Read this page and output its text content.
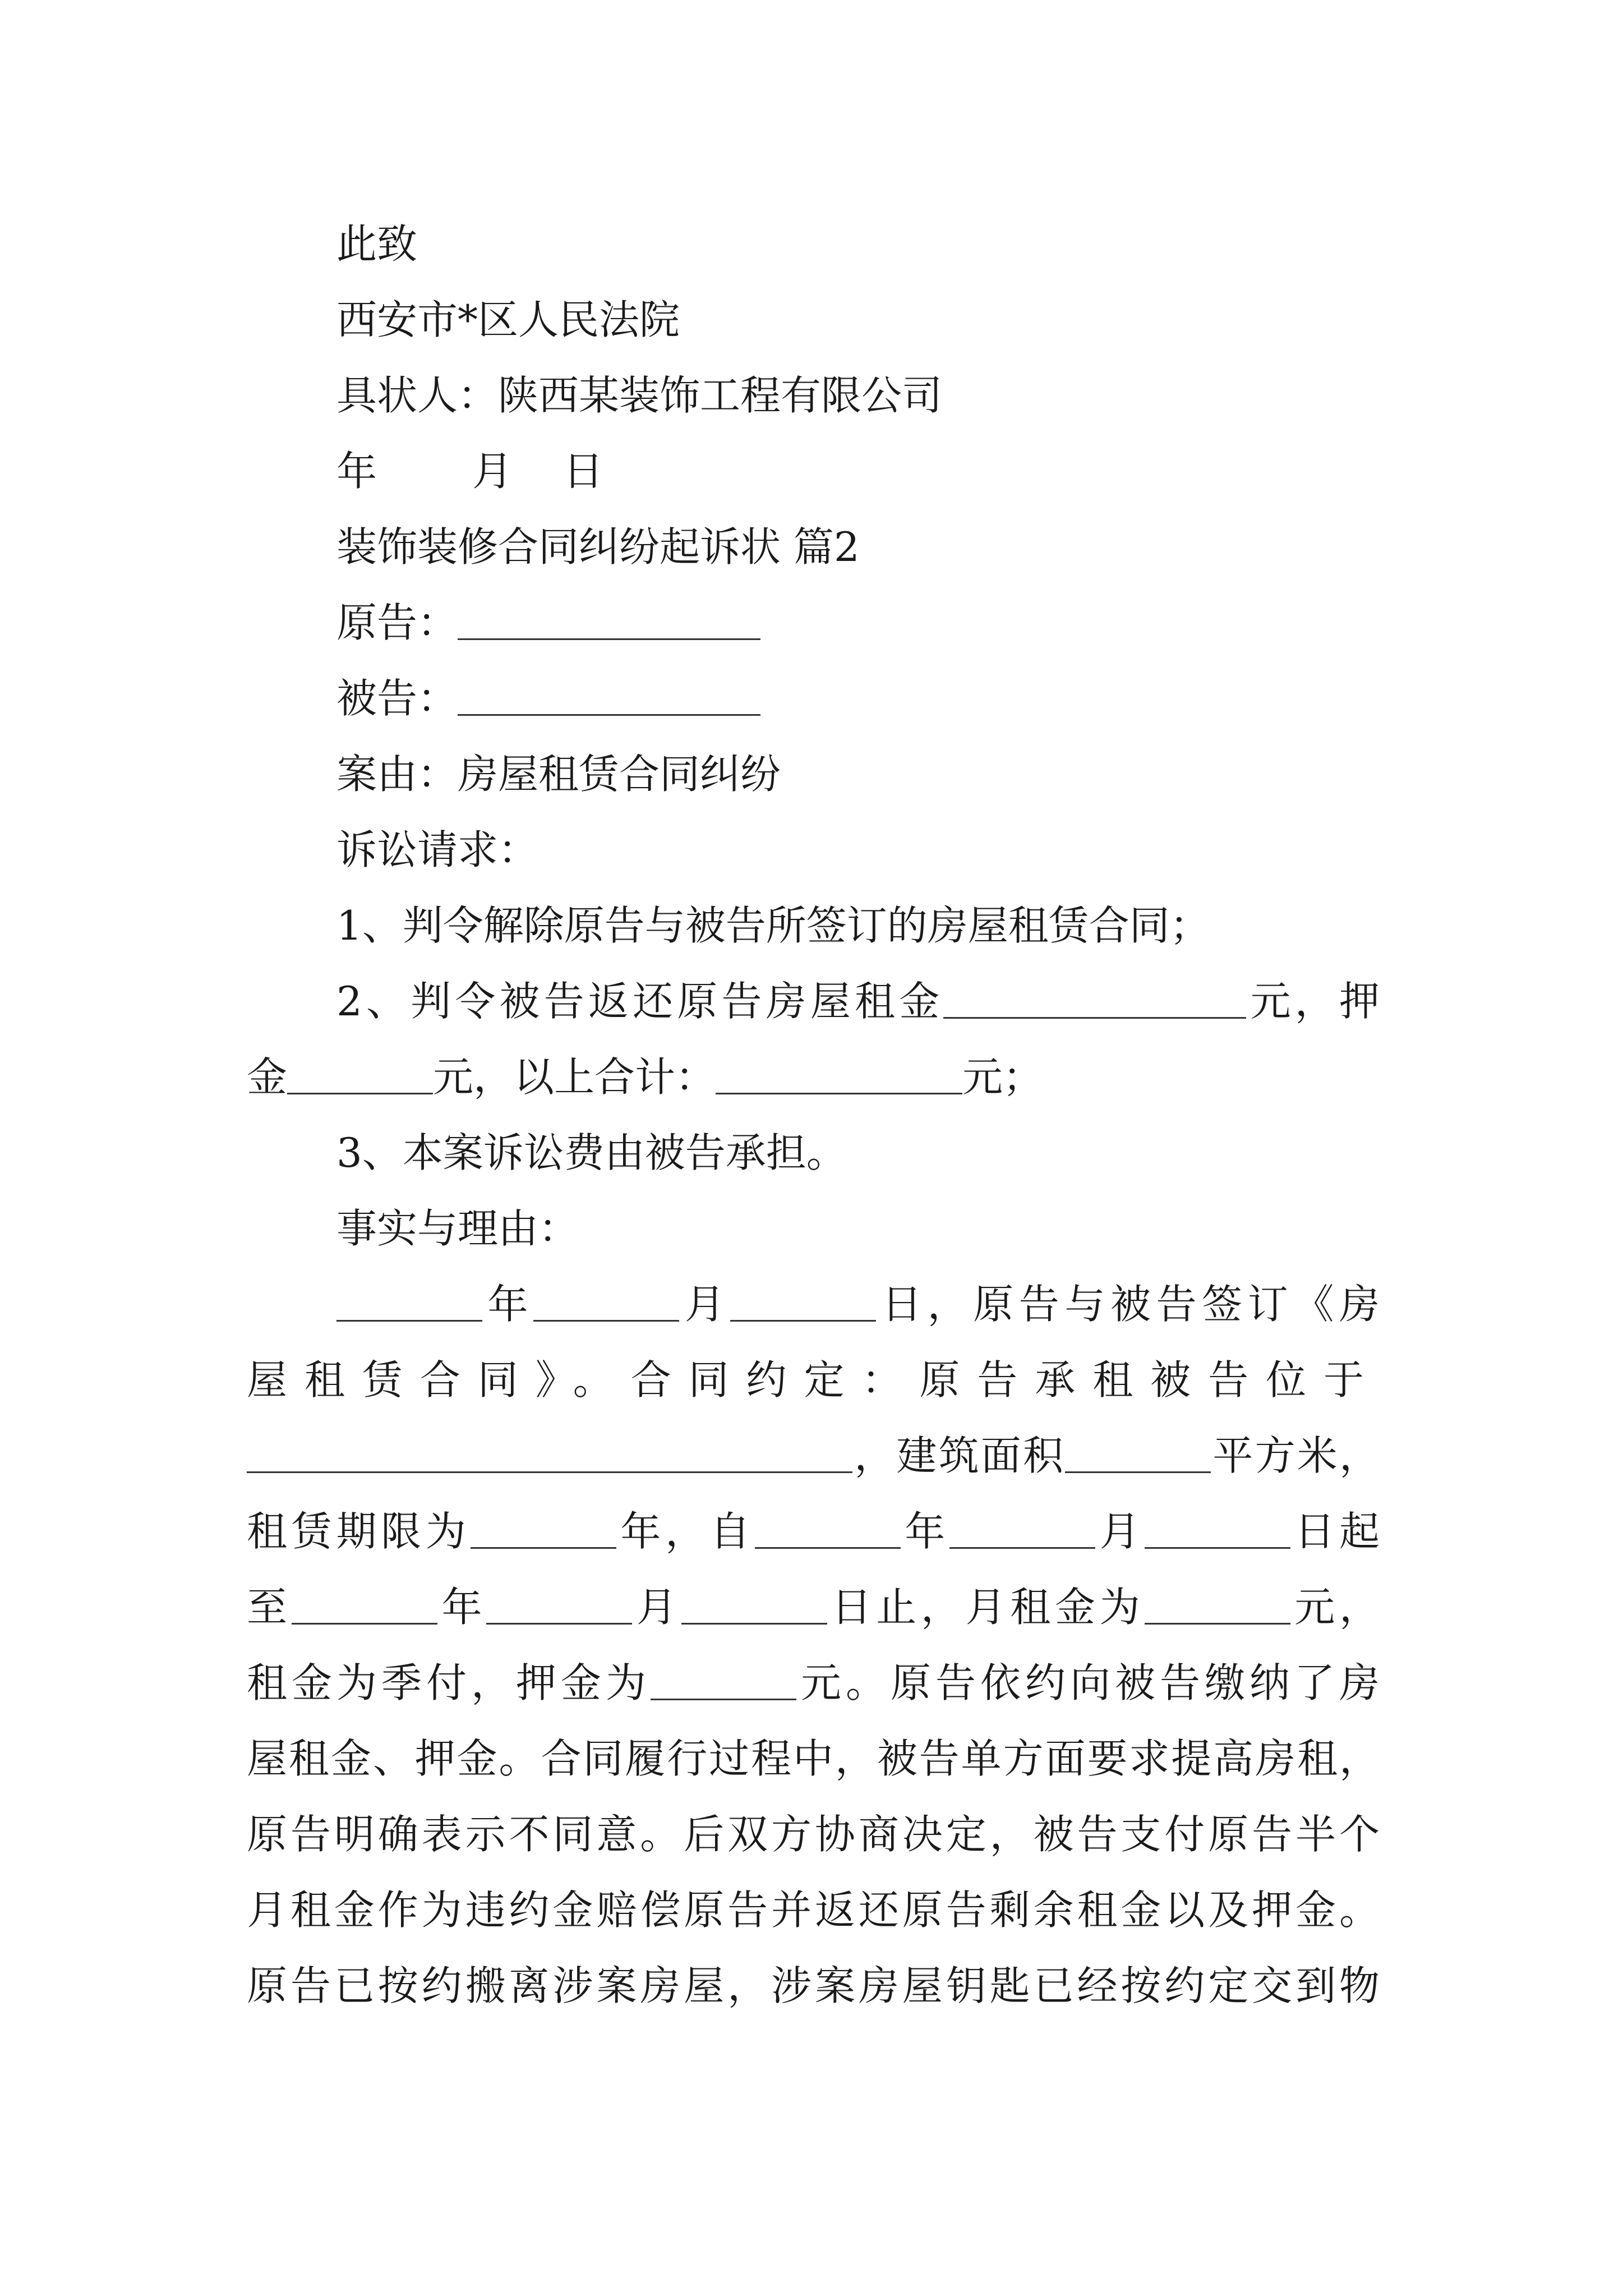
此致
西安市*区人民法院
具状人：陕西某装饰工程有限公司
年 月 日
装饰装修合同纠纷起诉状 篇2
原告：
被告：
案由：房屋租赁合同纠纷
诉讼请求：
1、判令解除原告与被告所签订的房屋租赁合同；
2、判令被告返还原告房屋租金	元，押
金	元，以上合计：	元；
3、本案诉讼费由被告承担。
事实与理由：
年	月	日，原告与被告签订《房
屋租赁合同》。合同约定：原告承租被告位于
，建筑面积	平方米，
租赁期限为	年，自	年	月	日起
至	年	月	日止，月租金为	元，
租金为季付，押金为	元。原告依约向被告缴纳了房
屋租金、押金。合同履行过程中，被告单方面要求提高房租，
原告明确表示不同意。后双方协商决定，被告支付原告半个
月租金作为违约金赔偿原告并返还原告剩余租金以及押金。
原告已按约搬离涉案房屋，涉案房屋钥匙已经按约定交到物
